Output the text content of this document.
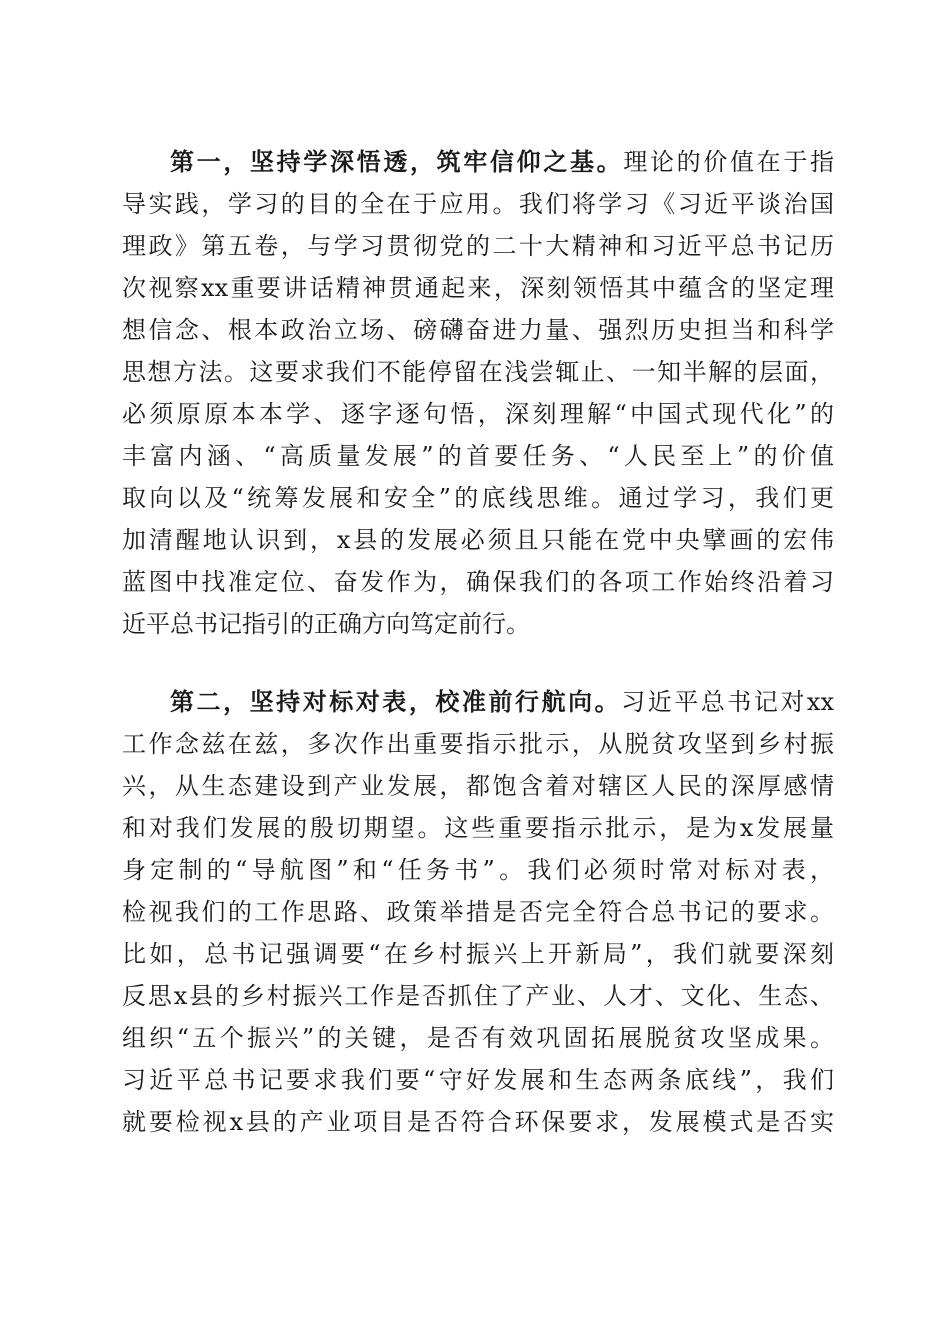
第一，坚持学深悟透，筑牢信仰之基。理论的价值在于指
导实践，学习的目的全在于应用。我们将学习《习近平谈治国
理政》第五卷，与学习贯彻党的二十大精神和习近平总书记历
次视察xx重要讲话精神贯通起来，深刻领悟其中蕴含的坚定理
想信念、根本政治立场、磅礴奋进力量、强烈历史担当和科学
思想方法。这要求我们不能停留在浅尝辄止、一知半解的层面，
必须原原本本学、逐字逐句悟，深刻理解“中国式现代化”的
丰富内涵、“高质量发展”的首要任务、“人民至上”的价值
取向以及“统筹发展和安全”的底线思维。通过学习，我们更
加清醒地认识到，x县的发展必须且只能在党中央擘画的宏伟
蓝图中找准定位、奋发作为，确保我们的各项工作始终沿着习
近平总书记指引的正确方向笃定前行。
第二，坚持对标对表，校准前行航向。习近平总书记对xx
工作念兹在兹，多次作出重要指示批示，从脱贫攻坚到乡村振
兴，从生态建设到产业发展，都饱含着对辖区人民的深厚感情
和对我们发展的殷切期望。这些重要指示批示，是为x发展量
身定制的“导航图”和“任务书”。我们必须时常对标对表，
检视我们的工作思路、政策举措是否完全符合总书记的要求。
比如，总书记强调要“在乡村振兴上开新局”，我们就要深刻
反思x县的乡村振兴工作是否抓住了产业、人才、文化、生态、
组织“五个振兴”的关键，是否有效巩固拓展脱贫攻坚成果。
习近平总书记要求我们要“守好发展和生态两条底线”，我们
就要检视x县的产业项目是否符合环保要求，发展模式是否实
